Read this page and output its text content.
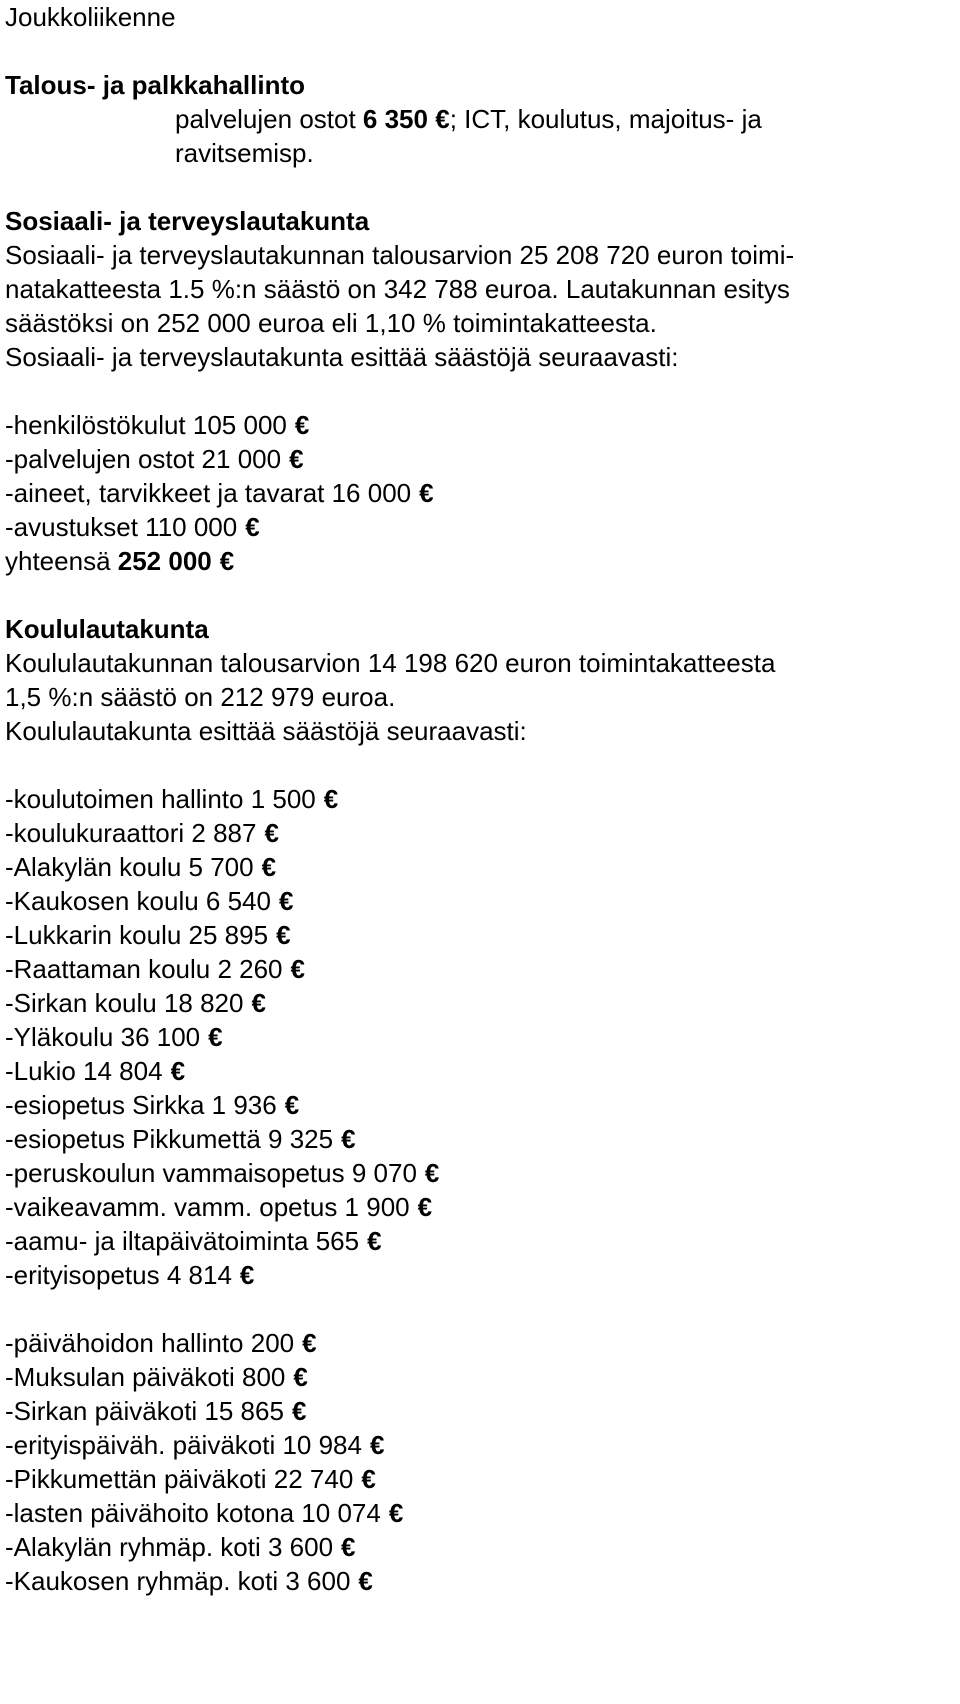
Joukkoliikenne
Talous- ja palkkahallinto
palvelujen ostot 6 350 €; ICT, koulutus, majoitus- ja
ravitsemisp.
Sosiaali- ja terveyslautakunta
Sosiaali- ja terveyslautakunnan talousarvion 25 208 720 euron toimi-
natakatteesta 1.5 %:n säästö on 342 788 euroa. Lautakunnan esitys
säästöksi on 252 000 euroa eli 1,10 % toimintakatteesta.
Sosiaali- ja terveyslautakunta esittää säästöjä seuraavasti:
-henkilöstökulut 105 000 €
-palvelujen ostot 21 000 €
-aineet, tarvikkeet ja tavarat 16 000 €
-avustukset 110 000 €
yhteensä 252 000 €
Koululautakunta
Koululautakunnan talousarvion 14 198 620 euron toimintakatteesta
1,5 %:n säästö on 212 979 euroa.
Koululautakunta esittää säästöjä seuraavasti:
-koulutoimen hallinto 1 500 €
-koulukuraattori 2 887 €
-Alakylän koulu 5 700 €
-Kaukosen koulu 6 540 €
-Lukkarin koulu 25 895 €
-Raattaman koulu 2 260 €
-Sirkan koulu 18 820 €
-Yläkoulu 36 100 €
-Lukio 14 804 €
-esiopetus Sirkka 1 936 €
-esiopetus Pikkumettä 9 325 €
-peruskoulun vammaisopetus 9 070 €
-vaikeavamm. vamm. opetus 1 900 €
-aamu- ja iltapäivätoiminta 565 €
-erityisopetus 4 814 €
-päivähoidon hallinto 200 €
-Muksulan päiväkoti 800 €
-Sirkan päiväkoti 15 865 €
-erityispäiväh. päiväkoti 10 984 €
-Pikkumettän päiväkoti 22 740 €
-lasten päivähoito kotona 10 074 €
-Alakylän ryhmäp. koti 3 600 €
-Kaukosen ryhmäp. koti 3 600 €
